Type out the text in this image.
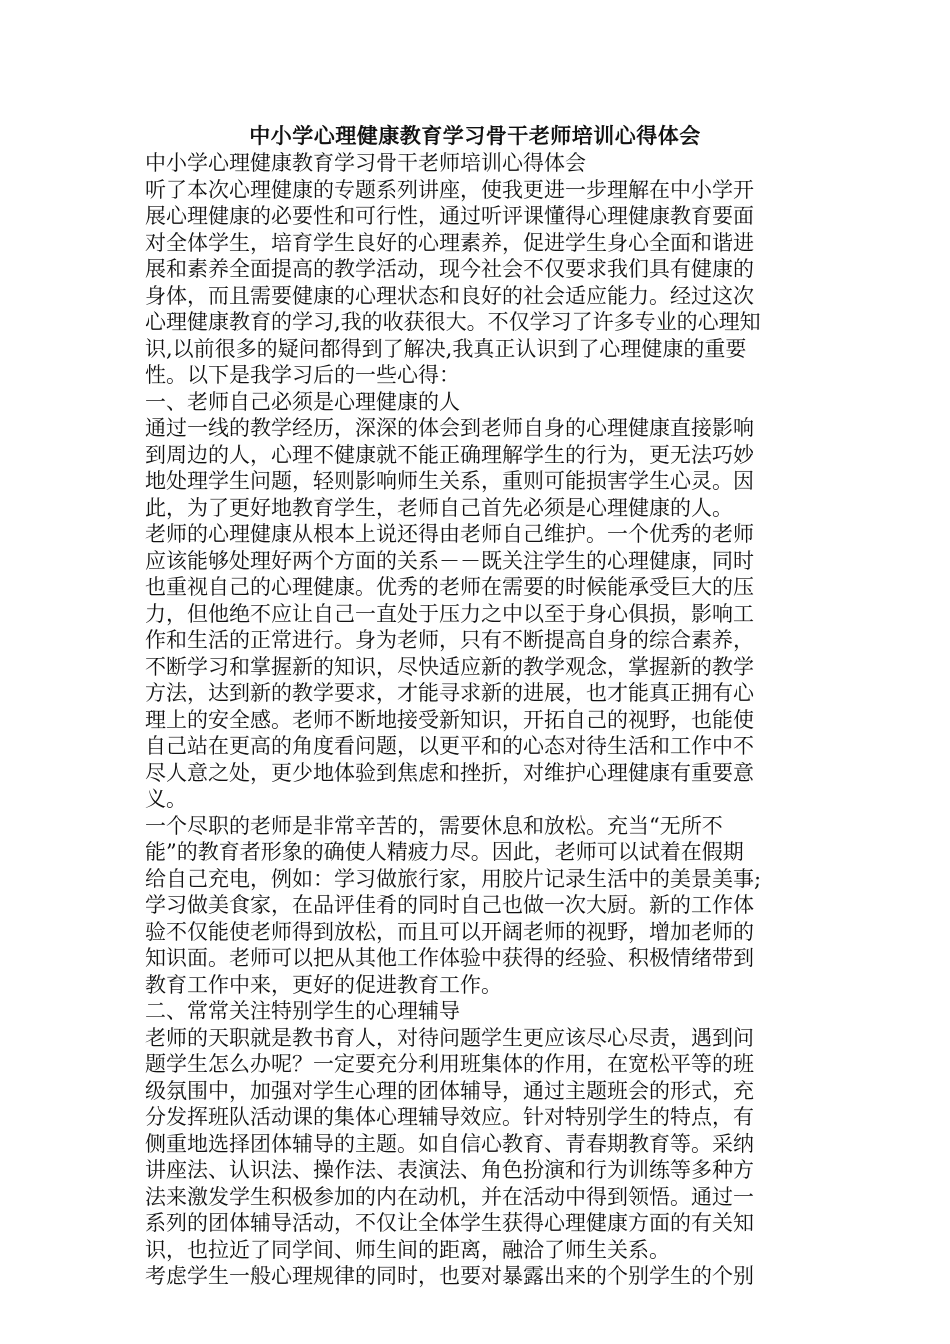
中小学心理健康教育学习骨干老师培训心得体会

中小学心理健康教育学习骨干老师培训心得体会

听了本次心理健康的专题系列讲座，使我更进一步理解在中小学开

展心理健康的必要性和可行性，通过听评课懂得心理健康教育要面

对全体学生，培育学生良好的心理素养，促进学生身心全面和谐进

展和素养全面提高的教学活动，现今社会不仅要求我们具有健康的

身体，而且需要健康的心理状态和良好的社会适应能力。经过这次

心理健康教育的学习,我的收获很大。不仅学习了许多专业的心理知

识,以前很多的疑问都得到了解决,我真正认识到了心理健康的重要

性。以下是我学习后的一些心得：

一、老师自己必须是心理健康的人

通过一线的教学经历，深深的体会到老师自身的心理健康直接影响

到周边的人，心理不健康就不能正确理解学生的行为，更无法巧妙

地处理学生问题，轻则影响师生关系，重则可能损害学生心灵。因

此，为了更好地教育学生，老师自己首先必须是心理健康的人。

老师的心理健康从根本上说还得由老师自己维护。一个优秀的老师

应该能够处理好两个方面的关系－－既关注学生的心理健康，同时

也重视自己的心理健康。优秀的老师在需要的时候能承受巨大的压

力，但他绝不应让自己一直处于压力之中以至于身心俱损，影响工

作和生活的正常进行。身为老师，只有不断提高自身的综合素养，

不断学习和掌握新的知识，尽快适应新的教学观念，掌握新的教学

方法，达到新的教学要求，才能寻求新的进展，也才能真正拥有心

理上的安全感。老师不断地接受新知识，开拓自己的视野，也能使

自己站在更高的角度看问题，以更平和的心态对待生活和工作中不

尽人意之处，更少地体验到焦虑和挫折，对维护心理健康有重要意

义。

一个尽职的老师是非常辛苦的，需要休息和放松。充当“无所不

能”的教育者形象的确使人精疲力尽。因此，老师可以试着在假期

给自己充电，例如：学习做旅行家，用胶片记录生活中的美景美事;

学习做美食家，在品评佳肴的同时自己也做一次大厨。新的工作体

验不仅能使老师得到放松，而且可以开阔老师的视野，增加老师的

知识面。老师可以把从其他工作体验中获得的经验、积极情绪带到

教育工作中来，更好的促进教育工作。

二、常常关注特别学生的心理辅导

老师的天职就是教书育人，对待问题学生更应该尽心尽责，遇到问

题学生怎么办呢？一定要充分利用班集体的作用，在宽松平等的班

级氛围中，加强对学生心理的团体辅导，通过主题班会的形式，充

分发挥班队活动课的集体心理辅导效应。针对特别学生的特点，有

侧重地选择团体辅导的主题。如自信心教育、青春期教育等。采纳

讲座法、认识法、操作法、表演法、角色扮演和行为训练等多种方

法来激发学生积极参加的内在动机，并在活动中得到领悟。通过一

系列的团体辅导活动，不仅让全体学生获得心理健康方面的有关知

识，也拉近了同学间、师生间的距离，融洽了师生关系。

考虑学生一般心理规律的同时，也要对暴露出来的个别学生的个别
